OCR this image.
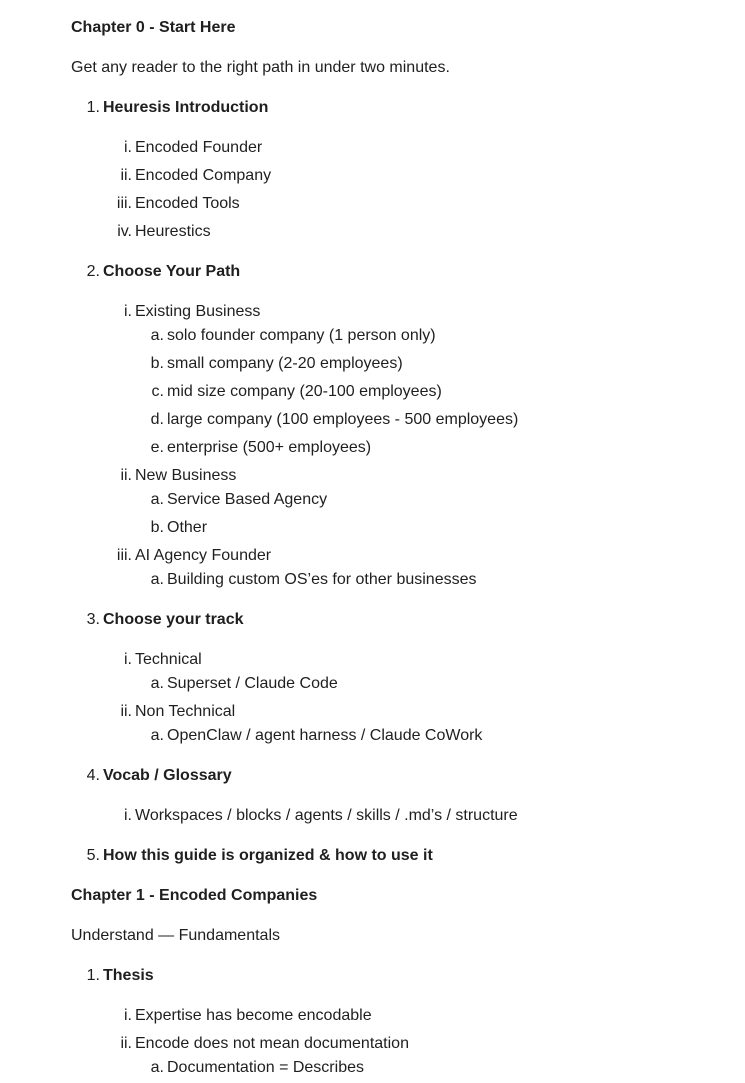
Chapter 0 - Start Here
Get any reader to the right path in under two minutes.
1. Heuresis Introduction
i. Encoded Founder
ii. Encoded Company
iii. Encoded Tools
iv. Heurestics
2. Choose Your Path
i. Existing Business
a. solo founder company (1 person only)
b. small company (2-20 employees)
c. mid size company (20-100 employees)
d. large company (100 employees - 500 employees)
e. enterprise (500+ employees)
ii. New Business
a. Service Based Agency
b. Other
iii. AI Agency Founder
a. Building custom OS’es for other businesses
3. Choose your track
i. Technical
a. Superset / Claude Code
ii. Non Technical
a. OpenClaw / agent harness / Claude CoWork
4. Vocab / Glossary
i. Workspaces / blocks / agents / skills / .md’s / structure
5. How this guide is organized & how to use it
Chapter 1 - Encoded Companies
Understand — Fundamentals
1. Thesis
i. Expertise has become encodable
ii. Encode does not mean documentation
a. Documentation = Describes
